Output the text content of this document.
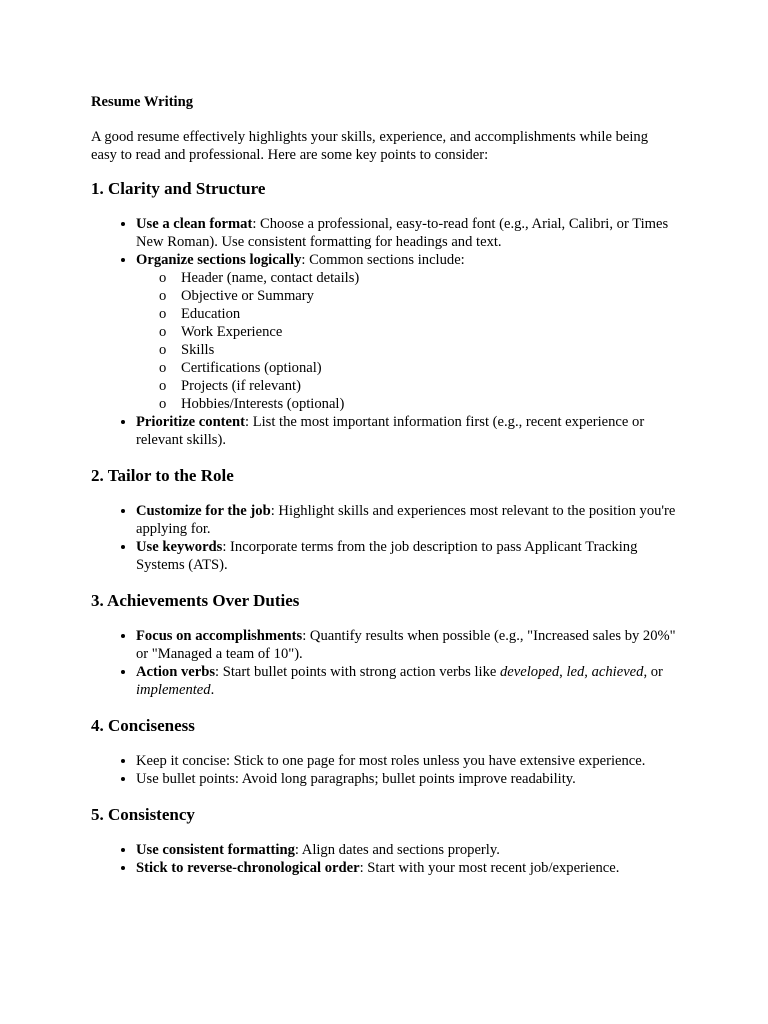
Resume Writing

A good resume effectively highlights your skills, experience, and accomplishments while being easy to read and professional. Here are some key points to consider:

1. Clarity and Structure
• Use a clean format: Choose a professional, easy-to-read font (e.g., Arial, Calibri, or Times New Roman). Use consistent formatting for headings and text.
• Organize sections logically: Common sections include:
o Header (name, contact details)
o Objective or Summary
o Education
o Work Experience
o Skills
o Certifications (optional)
o Projects (if relevant)
o Hobbies/Interests (optional)
• Prioritize content: List the most important information first (e.g., recent experience or relevant skills).
2. Tailor to the Role
• Customize for the job: Highlight skills and experiences most relevant to the position you're applying for.
• Use keywords: Incorporate terms from the job description to pass Applicant Tracking Systems (ATS).
3. Achievements Over Duties
• Focus on accomplishments: Quantify results when possible (e.g., "Increased sales by 20%" or "Managed a team of 10").
• Action verbs: Start bullet points with strong action verbs like developed, led, achieved, or implemented.
4. Conciseness
• Keep it concise: Stick to one page for most roles unless you have extensive experience.
• Use bullet points: Avoid long paragraphs; bullet points improve readability.
5. Consistency
• Use consistent formatting: Align dates and sections properly.
• Stick to reverse-chronological order: Start with your most recent job/experience.
